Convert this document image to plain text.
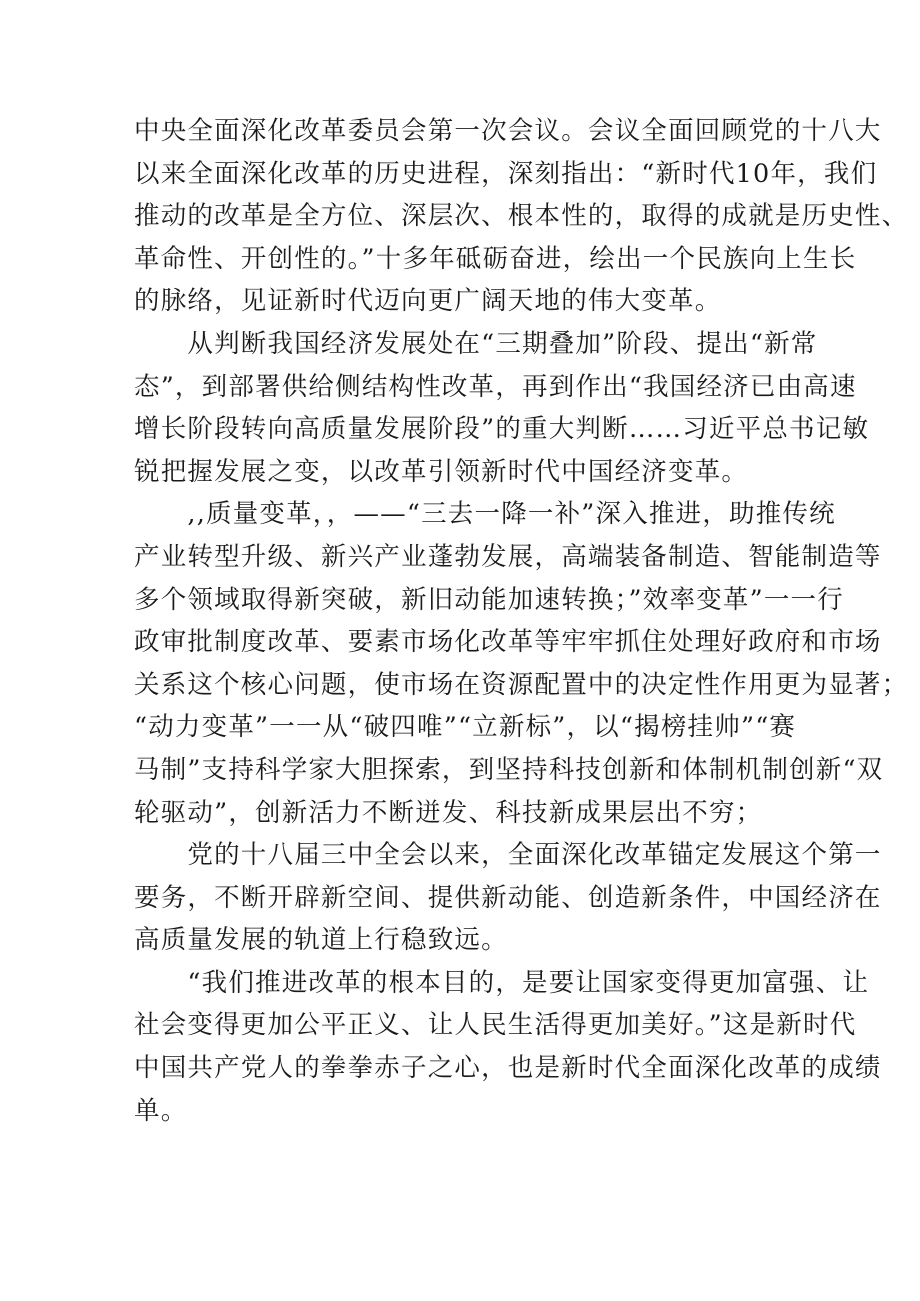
中央全面深化改革委员会第一次会议。会议全面回顾党的十八大
以来全面深化改革的历史进程，深刻指出：“新时代10年，我们
推动的改革是全方位、深层次、根本性的，取得的成就是历史性、
革命性、开创性的。”十多年砥砺奋进，绘出一个民族向上生长
的脉络，见证新时代迈向更广阔天地的伟大变革。
　　从判断我国经济发展处在“三期叠加”阶段、提出“新常
态”，到部署供给侧结构性改革，再到作出“我国经济已由高速
增长阶段转向高质量发展阶段”的重大判断……习近平总书记敏
锐把握发展之变，以改革引领新时代中国经济变革。
　　,,质量变革，，——“三去一降一补”深入推进，助推传统
产业转型升级、新兴产业蓬勃发展，高端装备制造、智能制造等
多个领域取得新突破，新旧动能加速转换；”效率变革”一一行
政审批制度改革、要素市场化改革等牢牢抓住处理好政府和市场
关系这个核心问题，使市场在资源配置中的决定性作用更为显著；
“动力变革”一一从“破四唯”“立新标”，以“揭榜挂帅”“赛
马制”支持科学家大胆探索，到坚持科技创新和体制机制创新“双
轮驱动”，创新活力不断迸发、科技新成果层出不穷；
　　党的十八届三中全会以来，全面深化改革锚定发展这个第一
要务，不断开辟新空间、提供新动能、创造新条件，中国经济在
高质量发展的轨道上行稳致远。
　　“我们推进改革的根本目的，是要让国家变得更加富强、让
社会变得更加公平正义、让人民生活得更加美好。”这是新时代
中国共产党人的拳拳赤子之心，也是新时代全面深化改革的成绩
单。
